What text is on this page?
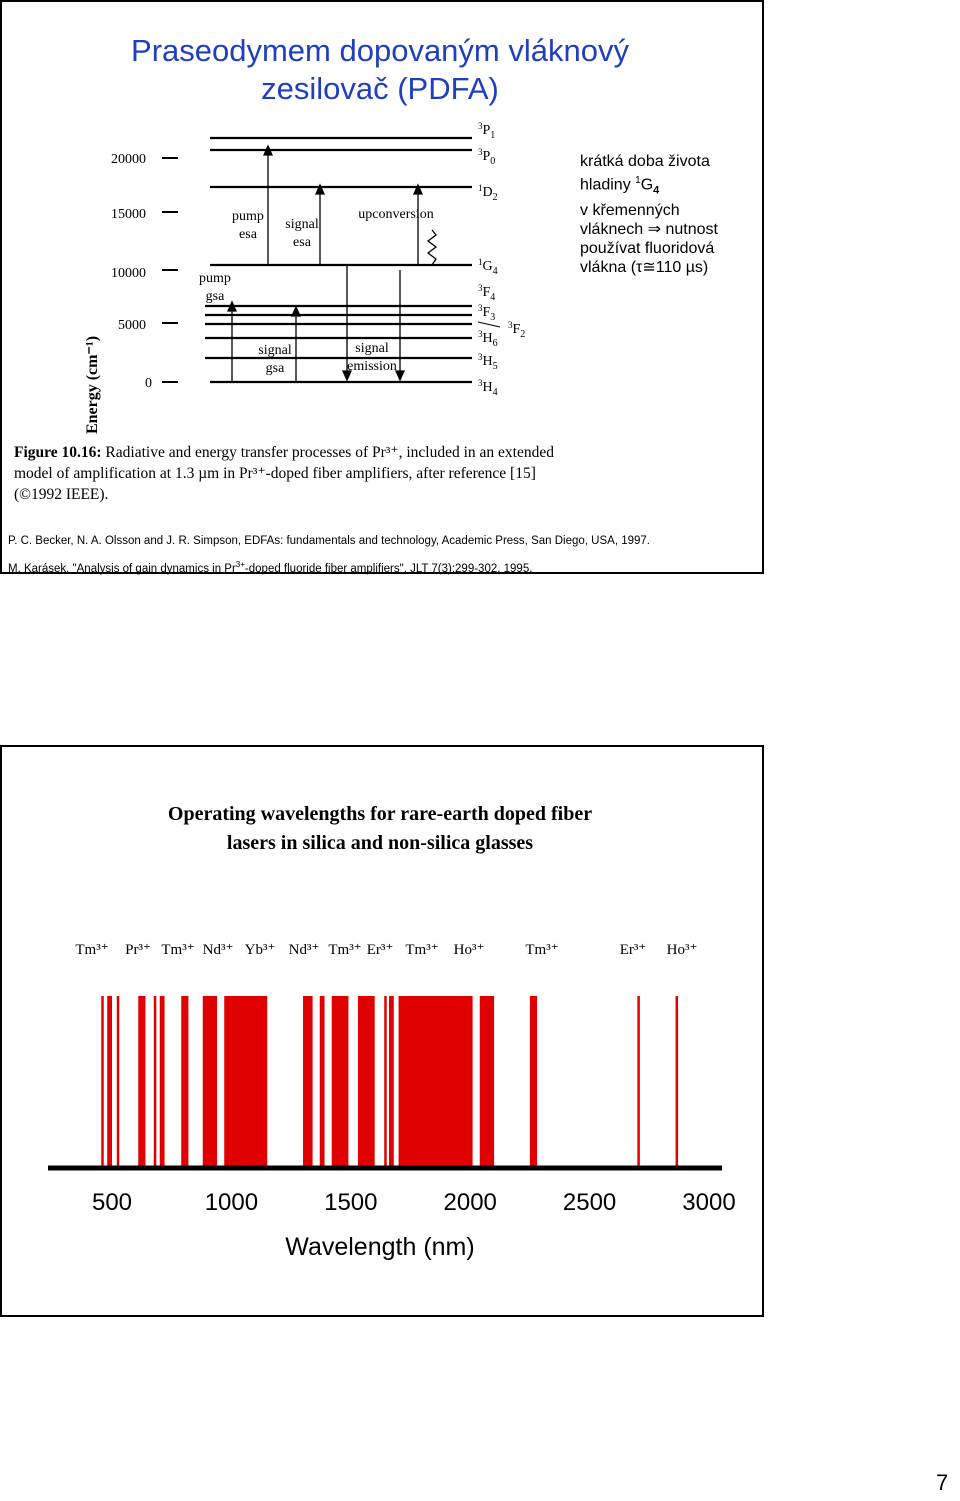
Praseodymem dopovaným vláknový
zesilovač (PDFA)
krátká doba života
hladiny $^1G_4$
v křemenných
vláknech ⇒ nutnost
používat fluoridová
vlákna (τ≅110 µs)
Energy (cm⁻¹)
20000
15000
10000
5000
0
pump
esa
signal
esa
upconversion
pump
gsa
signal
gsa
signal
emission
$^3P_1$
$^3P_0$
$^1D_2$
$^1G_4$
$^3F_4$
$^3F_3$
$^3F_2$
$^3H_6$
$^3H_5$
$^3H_4$
Figure 10.16: Radiative and energy transfer processes of Pr³⁺, included in an extended
model of amplification at 1.3 µm in Pr³⁺-doped fiber amplifiers, after reference [15]
(©1992 IEEE).
P. C. Becker, N. A. Olsson and J. R. Simpson, EDFAs: fundamentals and technology, Academic Press, San Diego, USA, 1997.
M. Karásek, "Analysis of gain dynamics in $Pr^{3+}$-doped fluoride fiber amplifiers", JLT 7(3):299-302, 1995.
Operating wavelengths for rare-earth doped fiber
lasers in silica and non-silica glasses
Tm³⁺ Pr³⁺ Tm³⁺ Nd³⁺ Yb³⁺ Nd³⁺ Tm³⁺ Er³⁺ Tm³⁺ Ho³⁺	Tm³⁺	Er³⁺ Ho³⁺
500	1000	1500	2000	2500	3000
Wavelength (nm)
7
